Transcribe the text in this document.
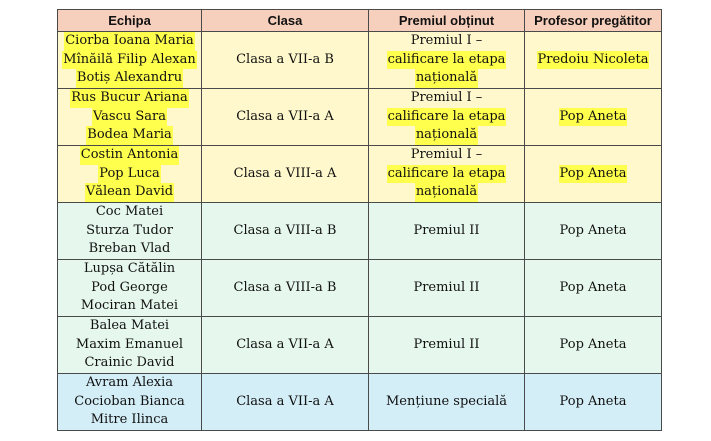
Echipa	Clasa	Premiul obținut	Profesor pregătitor

Ciorba Ioana Maria
Mînăilă Filip Alexan
Botiș Alexandru	Clasa a VII-a B	Premiul I –
calificare la etapa
națională	Predoiu Nicoleta

Rus Bucur Ariana
Vascu Sara
Bodea Maria	Clasa a VII-a A	Premiul I –
calificare la etapa
națională	Pop Aneta

Costin Antonia
Pop Luca
Vălean David	Clasa a VIII-a A	Premiul I –
calificare la etapa
națională	Pop Aneta

Coc Matei
Sturza Tudor
Breban Vlad	Clasa a VIII-a B	Premiul II	Pop Aneta

Lupșa Cătălin
Pod George
Mociran Matei	Clasa a VIII-a B	Premiul II	Pop Aneta

Balea Matei
Maxim Emanuel
Crainic David	Clasa a VII-a A	Premiul II	Pop Aneta

Avram Alexia
Cocioban Bianca
Mitre Ilinca	Clasa a VII-a A	Mențiune specială	Pop Aneta
